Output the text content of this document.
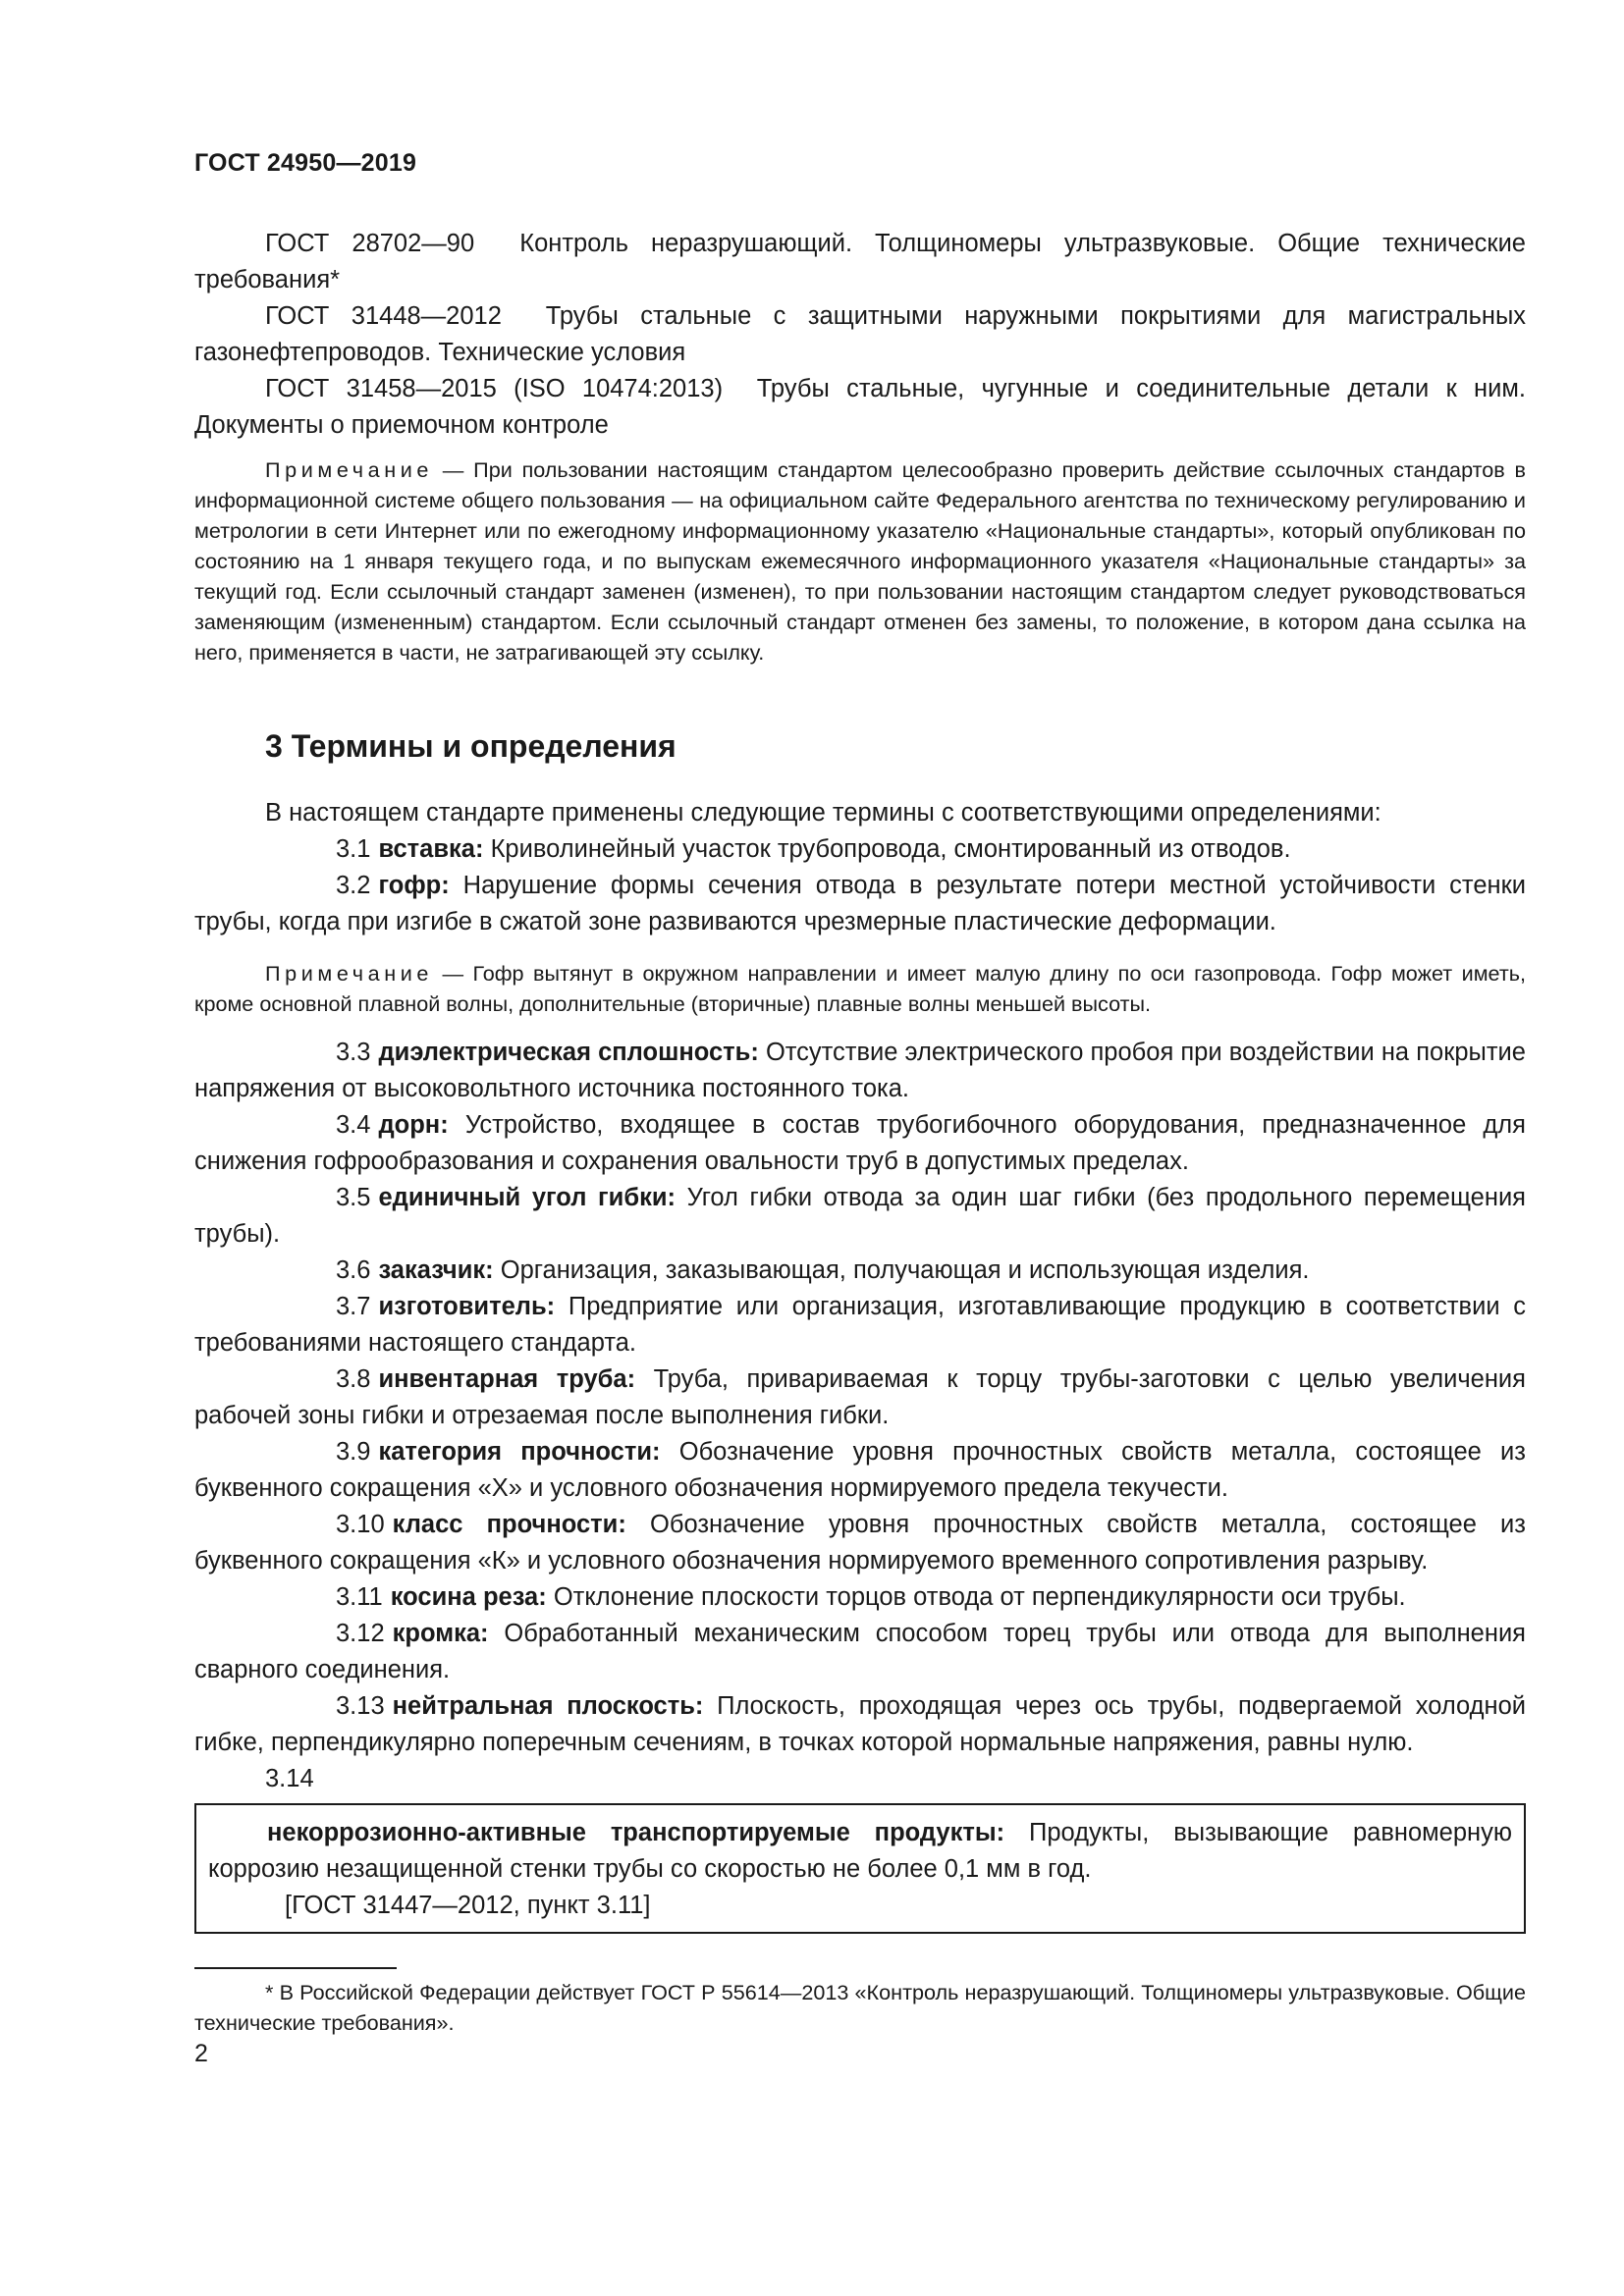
ГОСТ 24950—2019

ГОСТ 28702—90 Контроль неразрушающий. Толщиномеры ультразвуковые. Общие технические требования*

ГОСТ 31448—2012 Трубы стальные с защитными наружными покрытиями для магистральных газонефтепроводов. Технические условия

ГОСТ 31458—2015 (ISO 10474:2013) Трубы стальные, чугунные и соединительные детали к ним. Документы о приемочном контроле

Примечание — При пользовании настоящим стандартом целесообразно проверить действие ссылочных стандартов в информационной системе общего пользования — на официальном сайте Федерального агентства по техническому регулированию и метрологии в сети Интернет или по ежегодному информационному указателю «Национальные стандарты», который опубликован по состоянию на 1 января текущего года, и по выпускам ежемесячного информационного указателя «Национальные стандарты» за текущий год. Если ссылочный стандарт заменен (изменен), то при пользовании настоящим стандартом следует руководствоваться заменяющим (измененным) стандартом. Если ссылочный стандарт отменен без замены, то положение, в котором дана ссылка на него, применяется в части, не затрагивающей эту ссылку.

3 Термины и определения

В настоящем стандарте применены следующие термины с соответствующими определениями:

3.1 вставка: Криволинейный участок трубопровода, смонтированный из отводов.

3.2 гофр: Нарушение формы сечения отвода в результате потери местной устойчивости стенки трубы, когда при изгибе в сжатой зоне развиваются чрезмерные пластические деформации.

Примечание — Гофр вытянут в окружном направлении и имеет малую длину по оси газопровода. Гофр может иметь, кроме основной плавной волны, дополнительные (вторичные) плавные волны меньшей высоты.

3.3 диэлектрическая сплошность: Отсутствие электрического пробоя при воздействии на покрытие напряжения от высоковольтного источника постоянного тока.

3.4 дорн: Устройство, входящее в состав трубогибочного оборудования, предназначенное для снижения гофрообразования и сохранения овальности труб в допустимых пределах.

3.5 единичный угол гибки: Угол гибки отвода за один шаг гибки (без продольного перемещения трубы).

3.6 заказчик: Организация, заказывающая, получающая и использующая изделия.

3.7 изготовитель: Предприятие или организация, изготавливающие продукцию в соответствии с требованиями настоящего стандарта.

3.8 инвентарная труба: Труба, привариваемая к торцу трубы-заготовки с целью увеличения рабочей зоны гибки и отрезаемая после выполнения гибки.

3.9 категория прочности: Обозначение уровня прочностных свойств металла, состоящее из буквенного сокращения «Х» и условного обозначения нормируемого предела текучести.

3.10 класс прочности: Обозначение уровня прочностных свойств металла, состоящее из буквенного сокращения «К» и условного обозначения нормируемого временного сопротивления разрыву.

3.11 косина реза: Отклонение плоскости торцов отвода от перпендикулярности оси трубы.

3.12 кромка: Обработанный механическим способом торец трубы или отвода для выполнения сварного соединения.

3.13 нейтральная плоскость: Плоскость, проходящая через ось трубы, подвергаемой холодной гибке, перпендикулярно поперечным сечениям, в точках которой нормальные напряжения, равны нулю.

3.14

некоррозионно-активные транспортируемые продукты: Продукты, вызывающие равномерную коррозию незащищенной стенки трубы со скоростью не более 0,1 мм в год.

[ГОСТ 31447—2012, пункт 3.11]

* В Российской Федерации действует ГОСТ Р 55614—2013 «Контроль неразрушающий. Толщиномеры ультразвуковые. Общие технические требования».

2
